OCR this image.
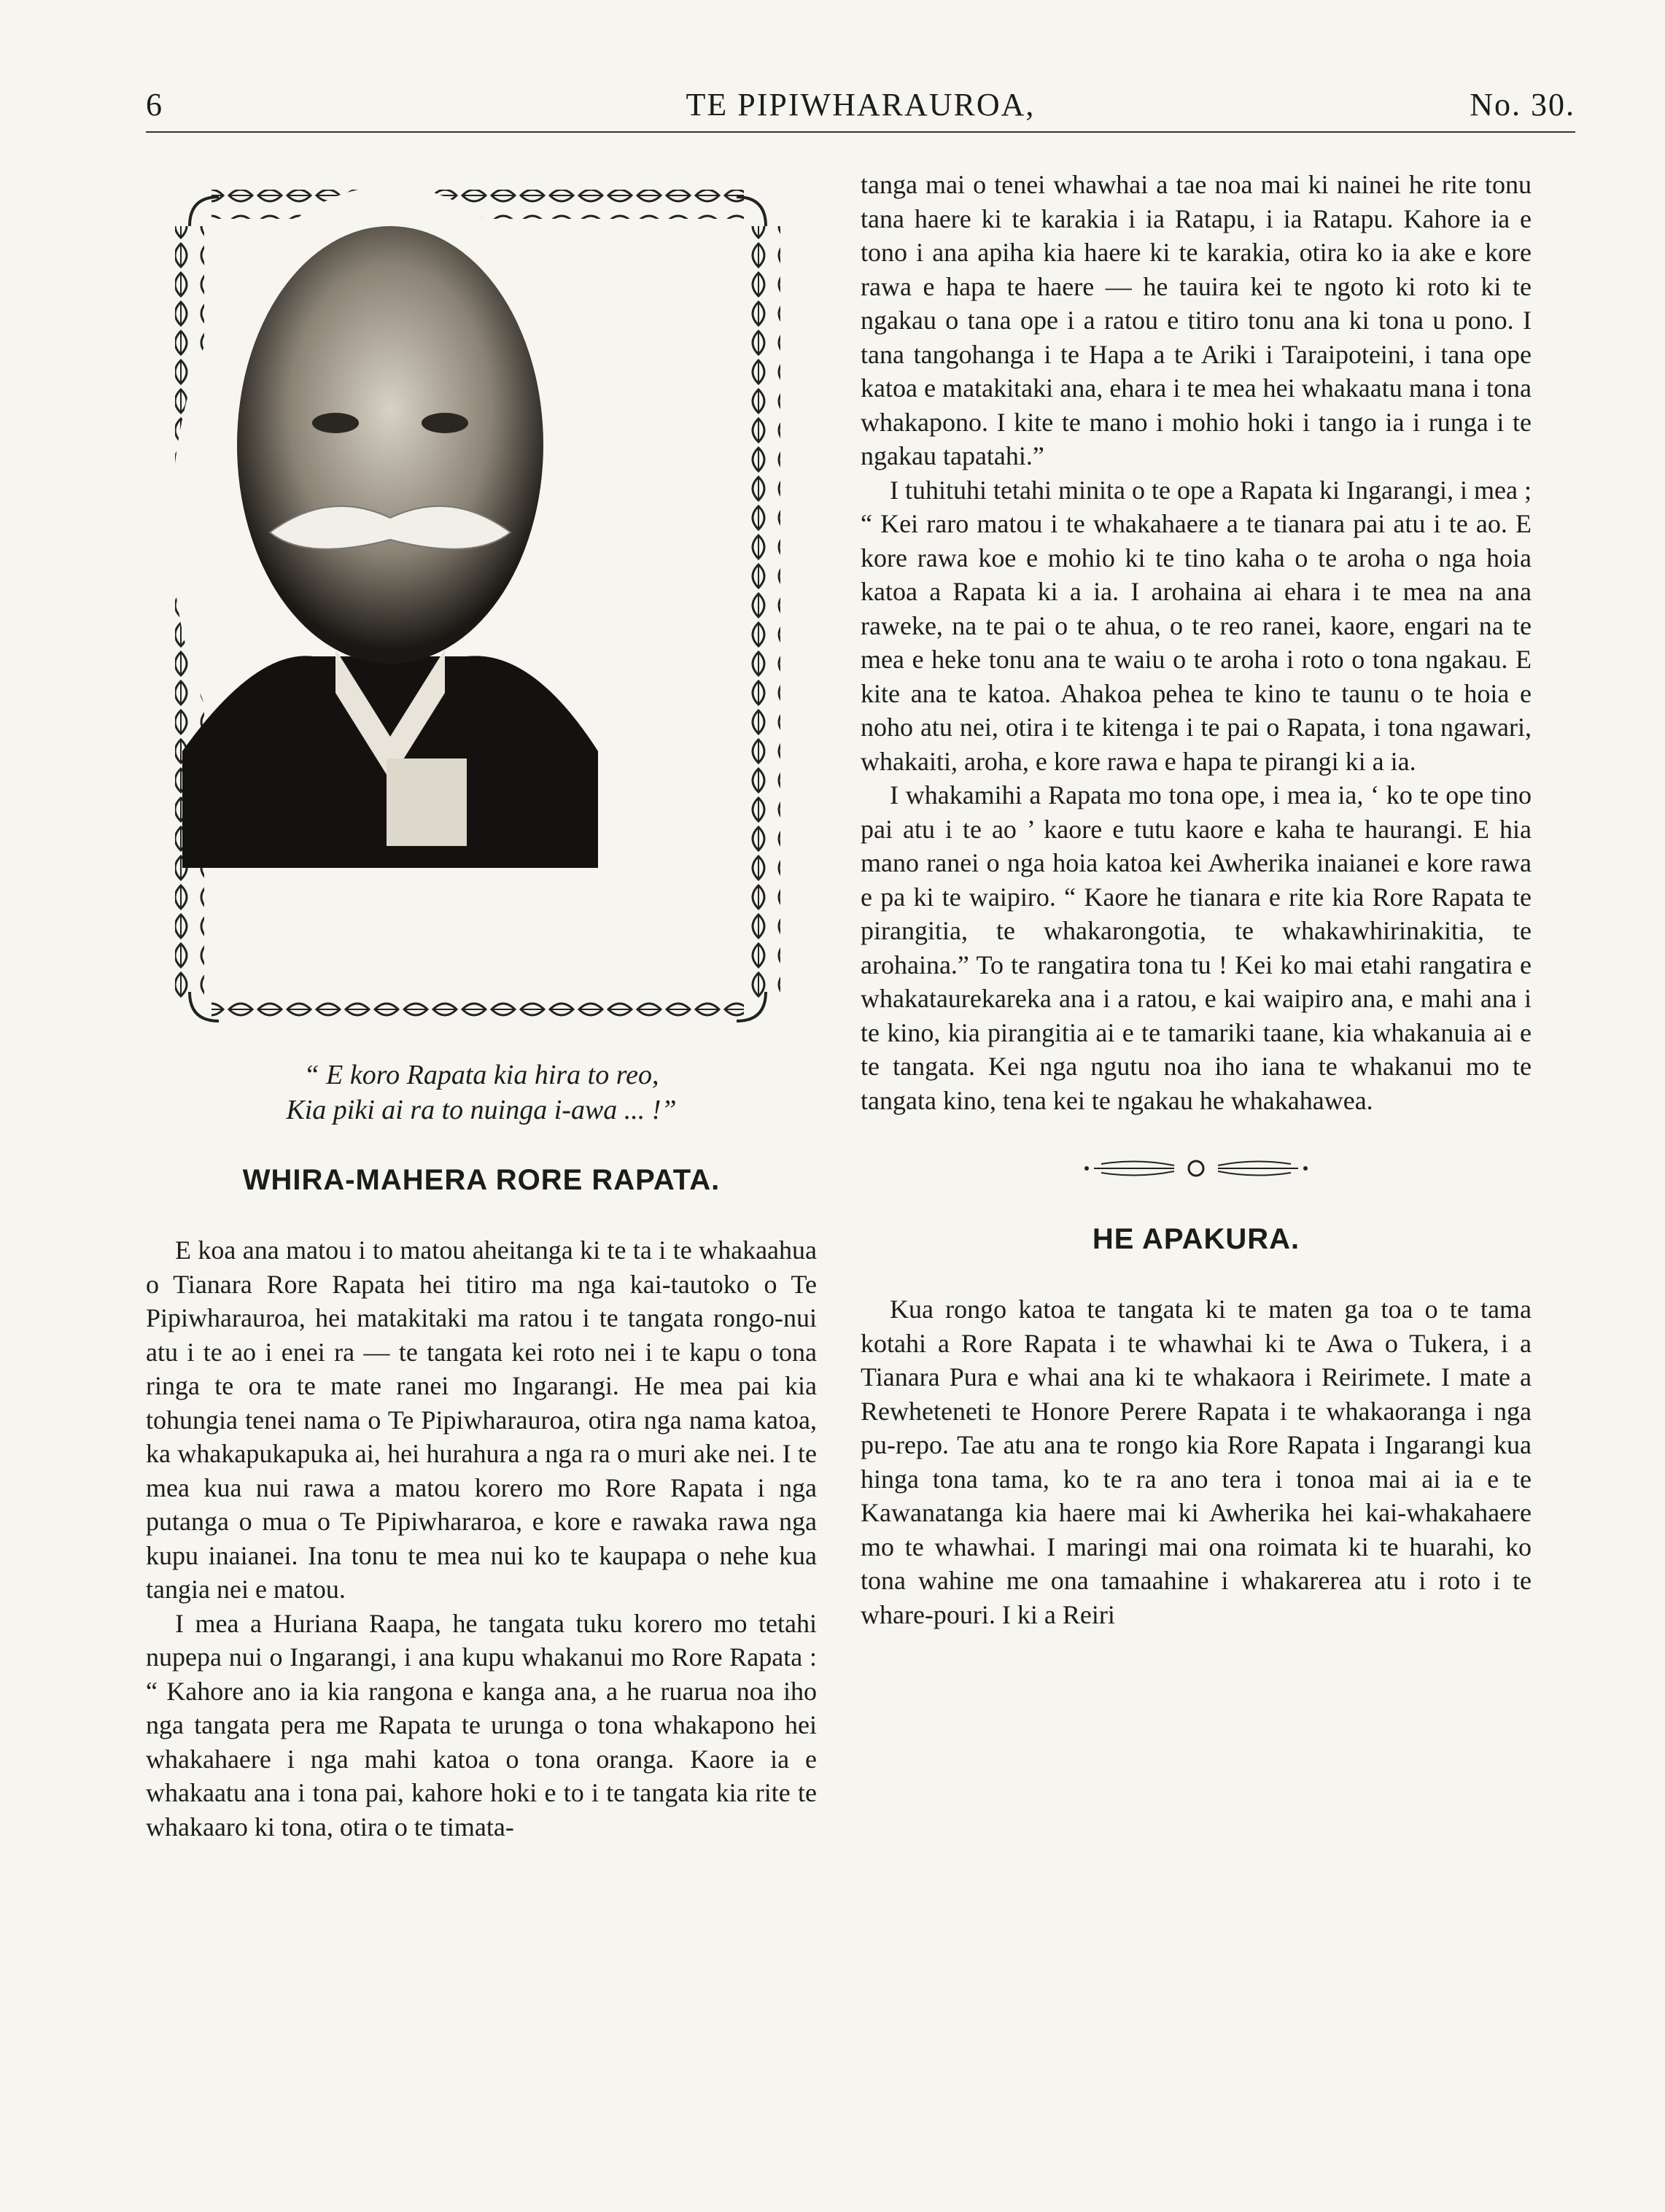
6	TE PIPIWHARAUROA,	No. 30.
“ E koro Rapata kia hira to reo,
Kia piki ai ra to nuinga i-awa ... !”
WHIRA-MAHERA RORE RAPATA.

E koa ana matou i to matou aheitanga ki te ta i te whakaahua o Tianara Rore Rapata hei titiro ma nga kai-tautoko o Te Pipiwharauroa, hei matakitaki ma ratou i te tangata rongo-nui atu i te ao i enei ra — te tangata kei roto nei i te kapu o tona ringa te ora te mate ranei mo Ingarangi. He mea pai kia tohungia tenei nama o Te Pipiwharauroa, otira nga nama katoa, ka whakapukapuka ai, hei hurahura a nga ra o muri ake nei. I te mea kua nui rawa a matou korero mo Rore Rapata i nga putanga o mua o Te Pipiwhararoa, e kore e rawaka rawa nga kupu inaianei. Ina tonu te mea nui ko te kaupapa o nehe kua tangia nei e matou.

I mea a Huriana Raapa, he tangata tuku korero mo tetahi nupepa nui o Ingarangi, i ana kupu whakanui mo Rore Rapata : “ Kahore ano ia kia rangona e kanga ana, a he ruarua noa iho nga tangata pera me Rapata te urunga o tona whakapono hei whakahaere i nga mahi katoa o tona oranga. Kaore ia e whakaatu ana i tona pai, kahore hoki e to i te tangata kia rite te whakaaro ki tona, otira o te timata-

tanga mai o tenei whawhai a tae noa mai ki nainei he rite tonu tana haere ki te karakia i ia Ratapu, i ia Ratapu. Kahore ia e tono i ana apiha kia haere ki te karakia, otira ko ia ake e kore rawa e hapa te haere — he tauira kei te ngoto ki roto ki te ngakau o tana ope i a ratou e titiro tonu ana ki tona u pono. I tana tangohanga i te Hapa a te Ariki i Taraipoteini, i tana ope katoa e matakitaki ana, ehara i te mea hei whakaatu mana i tona whakapono. I kite te mano i mohio hoki i tango ia i runga i te ngakau tapatahi.”

I tuhituhi tetahi minita o te ope a Rapata ki Ingarangi, i mea ; “ Kei raro matou i te whakahaere a te tianara pai atu i te ao. E kore rawa koe e mohio ki te tino kaha o te aroha o nga hoia katoa a Rapata ki a ia. I arohaina ai ehara i te mea na ana raweke, na te pai o te ahua, o te reo ranei, kaore, engari na te mea e heke tonu ana te waiu o te aroha i roto o tona ngakau. E kite ana te katoa. Ahakoa pehea te kino te taunu o te hoia e noho atu nei, otira i te kitenga i te pai o Rapata, i tona ngawari, whakaiti, aroha, e kore rawa e hapa te pirangi ki a ia.

I whakamihi a Rapata mo tona ope, i mea ia, ‘ ko te ope tino pai atu i te ao ’ kaore e tutu kaore e kaha te haurangi. E hia mano ranei o nga hoia katoa kei Awherika inaianei e kore rawa e pa ki te waipiro. “ Kaore he tianara e rite kia Rore Rapata te pirangitia, te whakarongotia, te whakawhirinakitia, te arohaina.” To te rangatira tona tu ! Kei ko mai etahi rangatira e whakataurekareka ana i a ratou, e kai waipiro ana, e mahi ana i te kino, kia pirangitia ai e te tamariki taane, kia whakanuia ai e te tangata. Kei nga ngutu noa iho iana te whakanui mo te tangata kino, tena kei te ngakau he whakahawea.

HE APAKURA.

Kua rongo katoa te tangata ki te maten ga toa o te tama kotahi a Rore Rapata i te whawhai ki te Awa o Tukera, i a Tianara Pura e whai ana ki te whakaora i Reirimete. I mate a Rewheteneti te Honore Perere Rapata i te whakaoranga i nga pu-repo. Tae atu ana te rongo kia Rore Rapata i Ingarangi kua hinga tona tama, ko te ra ano tera i tonoa mai ai ia e te Kawanatanga kia haere mai ki Awherika hei kai-whakahaere mo te whawhai. I maringi mai ona roimata ki te huarahi, ko tona wahine me ona tamaahine i whakarerea atu i roto i te whare-pouri. I ki a Reiri
